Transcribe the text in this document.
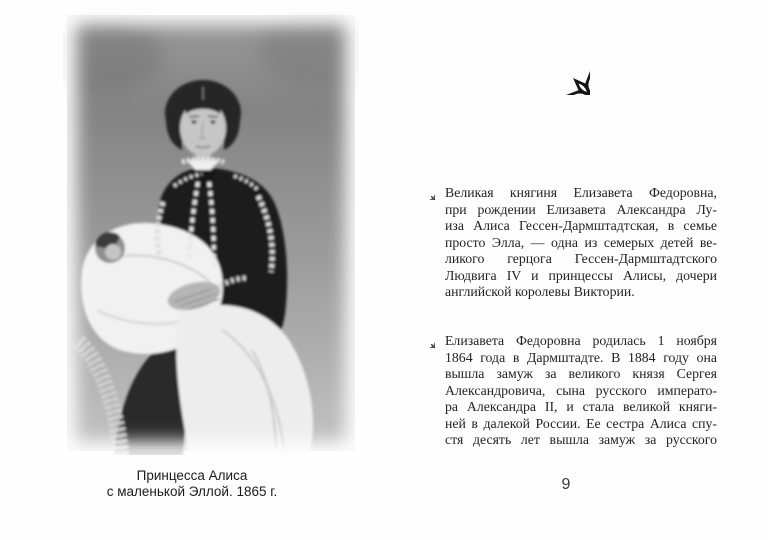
Принцесса Алиса
с маленькой Эллой. 1865 г.
Великая княгиня Елизавета Федоровна,
при рождении Елизавета Александра Лу-
иза Алиса Гессен-Дармштадтская, в семье
просто Элла, — одна из семерых детей ве-
ликого герцога Гессен-Дармштадтского
Людвига IV и принцессы Алисы, дочери
английской королевы Виктории.
Елизавета Федоровна родилась 1 ноября
1864 года в Дармштадте. В 1884 году она
вышла замуж за великого князя Сергея
Александровича, сына русского императо-
ра Александра II, и стала великой княги-
ней в далекой России. Ее сестра Алиса спу-
стя десять лет вышла замуж за русского
9
